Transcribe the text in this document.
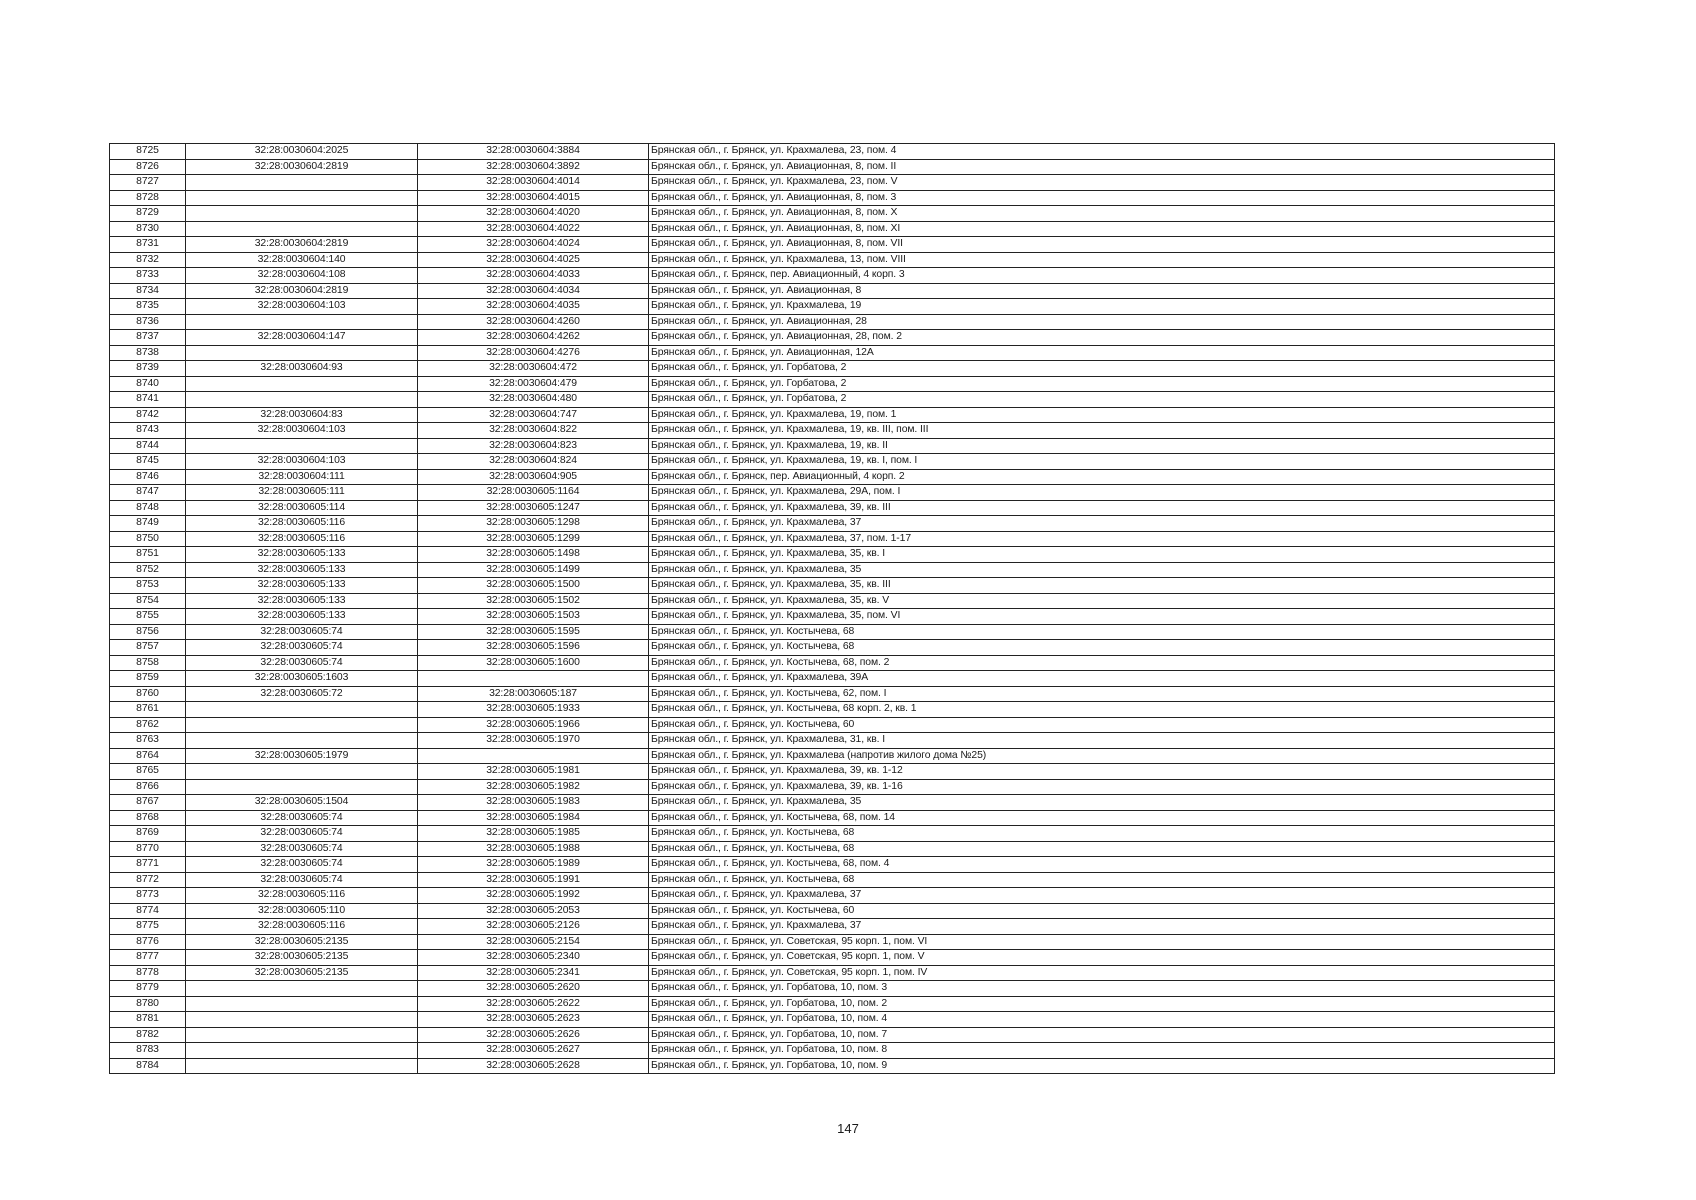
8725	32:28:0030604:2025	32:28:0030604:3884	Брянская обл., г. Брянск, ул. Крахмалева, 23, пом. 4
8726	32:28:0030604:2819	32:28:0030604:3892	Брянская обл., г. Брянск, ул. Авиационная, 8, пом. II
8727		32:28:0030604:4014	Брянская обл., г. Брянск, ул. Крахмалева, 23, пом. V
8728		32:28:0030604:4015	Брянская обл., г. Брянск, ул. Авиационная, 8, пом. 3
8729		32:28:0030604:4020	Брянская обл., г. Брянск, ул. Авиационная, 8, пом. X
8730		32:28:0030604:4022	Брянская обл., г. Брянск, ул. Авиационная, 8, пом. XI
8731	32:28:0030604:2819	32:28:0030604:4024	Брянская обл., г. Брянск, ул. Авиационная, 8, пом. VII
8732	32:28:0030604:140	32:28:0030604:4025	Брянская обл., г. Брянск, ул. Крахмалева, 13, пом. VIII
8733	32:28:0030604:108	32:28:0030604:4033	Брянская обл., г. Брянск, пер. Авиационный, 4 корп. 3
8734	32:28:0030604:2819	32:28:0030604:4034	Брянская обл., г. Брянск, ул. Авиационная, 8
8735	32:28:0030604:103	32:28:0030604:4035	Брянская обл., г. Брянск, ул. Крахмалева, 19
8736		32:28:0030604:4260	Брянская обл., г. Брянск, ул. Авиационная, 28
8737	32:28:0030604:147	32:28:0030604:4262	Брянская обл., г. Брянск, ул. Авиационная, 28, пом. 2
8738		32:28:0030604:4276	Брянская обл., г. Брянск, ул. Авиационная, 12А
8739	32:28:0030604:93	32:28:0030604:472	Брянская обл., г. Брянск, ул. Горбатова, 2
8740		32:28:0030604:479	Брянская обл., г. Брянск, ул. Горбатова, 2
8741		32:28:0030604:480	Брянская обл., г. Брянск, ул. Горбатова, 2
8742	32:28:0030604:83	32:28:0030604:747	Брянская обл., г. Брянск, ул. Крахмалева, 19, пом. 1
8743	32:28:0030604:103	32:28:0030604:822	Брянская обл., г. Брянск, ул. Крахмалева, 19, кв. III, пом. III
8744		32:28:0030604:823	Брянская обл., г. Брянск, ул. Крахмалева, 19, кв. II
8745	32:28:0030604:103	32:28:0030604:824	Брянская обл., г. Брянск, ул. Крахмалева, 19, кв. I, пом. I
8746	32:28:0030604:111	32:28:0030604:905	Брянская обл., г. Брянск, пер. Авиационный, 4 корп. 2
8747	32:28:0030605:111	32:28:0030605:1164	Брянская обл., г. Брянск, ул. Крахмалева, 29А, пом. I
8748	32:28:0030605:114	32:28:0030605:1247	Брянская обл., г. Брянск, ул. Крахмалева, 39, кв. III
8749	32:28:0030605:116	32:28:0030605:1298	Брянская обл., г. Брянск, ул. Крахмалева, 37
8750	32:28:0030605:116	32:28:0030605:1299	Брянская обл., г. Брянск, ул. Крахмалева, 37, пом. 1-17
8751	32:28:0030605:133	32:28:0030605:1498	Брянская обл., г. Брянск, ул. Крахмалева, 35, кв. I
8752	32:28:0030605:133	32:28:0030605:1499	Брянская обл., г. Брянск, ул. Крахмалева, 35
8753	32:28:0030605:133	32:28:0030605:1500	Брянская обл., г. Брянск, ул. Крахмалева, 35, кв. III
8754	32:28:0030605:133	32:28:0030605:1502	Брянская обл., г. Брянск, ул. Крахмалева, 35, кв. V
8755	32:28:0030605:133	32:28:0030605:1503	Брянская обл., г. Брянск, ул. Крахмалева, 35, пом. VI
8756	32:28:0030605:74	32:28:0030605:1595	Брянская обл., г. Брянск, ул. Костычева, 68
8757	32:28:0030605:74	32:28:0030605:1596	Брянская обл., г. Брянск, ул. Костычева, 68
8758	32:28:0030605:74	32:28:0030605:1600	Брянская обл., г. Брянск, ул. Костычева, 68, пом. 2
8759	32:28:0030605:1603		Брянская обл., г. Брянск, ул. Крахмалева, 39А
8760	32:28:0030605:72	32:28:0030605:187	Брянская обл., г. Брянск, ул. Костычева, 62, пом. I
8761		32:28:0030605:1933	Брянская обл., г. Брянск, ул. Костычева, 68 корп. 2, кв. 1
8762		32:28:0030605:1966	Брянская обл., г. Брянск, ул. Костычева, 60
8763		32:28:0030605:1970	Брянская обл., г. Брянск, ул. Крахмалева, 31, кв. I
8764	32:28:0030605:1979		Брянская обл., г. Брянск, ул. Крахмалева (напротив жилого дома №25)
8765		32:28:0030605:1981	Брянская обл., г. Брянск, ул. Крахмалева, 39, кв. 1-12
8766		32:28:0030605:1982	Брянская обл., г. Брянск, ул. Крахмалева, 39, кв. 1-16
8767	32:28:0030605:1504	32:28:0030605:1983	Брянская обл., г. Брянск, ул. Крахмалева, 35
8768	32:28:0030605:74	32:28:0030605:1984	Брянская обл., г. Брянск, ул. Костычева, 68, пом. 14
8769	32:28:0030605:74	32:28:0030605:1985	Брянская обл., г. Брянск, ул. Костычева, 68
8770	32:28:0030605:74	32:28:0030605:1988	Брянская обл., г. Брянск, ул. Костычева, 68
8771	32:28:0030605:74	32:28:0030605:1989	Брянская обл., г. Брянск, ул. Костычева, 68, пом. 4
8772	32:28:0030605:74	32:28:0030605:1991	Брянская обл., г. Брянск, ул. Костычева, 68
8773	32:28:0030605:116	32:28:0030605:1992	Брянская обл., г. Брянск, ул. Крахмалева, 37
8774	32:28:0030605:110	32:28:0030605:2053	Брянская обл., г. Брянск, ул. Костычева, 60
8775	32:28:0030605:116	32:28:0030605:2126	Брянская обл., г. Брянск, ул. Крахмалева, 37
8776	32:28:0030605:2135	32:28:0030605:2154	Брянская обл., г. Брянск, ул. Советская, 95 корп. 1, пом. VI
8777	32:28:0030605:2135	32:28:0030605:2340	Брянская обл., г. Брянск, ул. Советская, 95 корп. 1, пом. V
8778	32:28:0030605:2135	32:28:0030605:2341	Брянская обл., г. Брянск, ул. Советская, 95 корп. 1, пом. IV
8779		32:28:0030605:2620	Брянская обл., г. Брянск, ул. Горбатова, 10, пом. 3
8780		32:28:0030605:2622	Брянская обл., г. Брянск, ул. Горбатова, 10, пом. 2
8781		32:28:0030605:2623	Брянская обл., г. Брянск, ул. Горбатова, 10, пом. 4
8782		32:28:0030605:2626	Брянская обл., г. Брянск, ул. Горбатова, 10, пом. 7
8783		32:28:0030605:2627	Брянская обл., г. Брянск, ул. Горбатова, 10, пом. 8
8784		32:28:0030605:2628	Брянская обл., г. Брянск, ул. Горбатова, 10, пом. 9
147
